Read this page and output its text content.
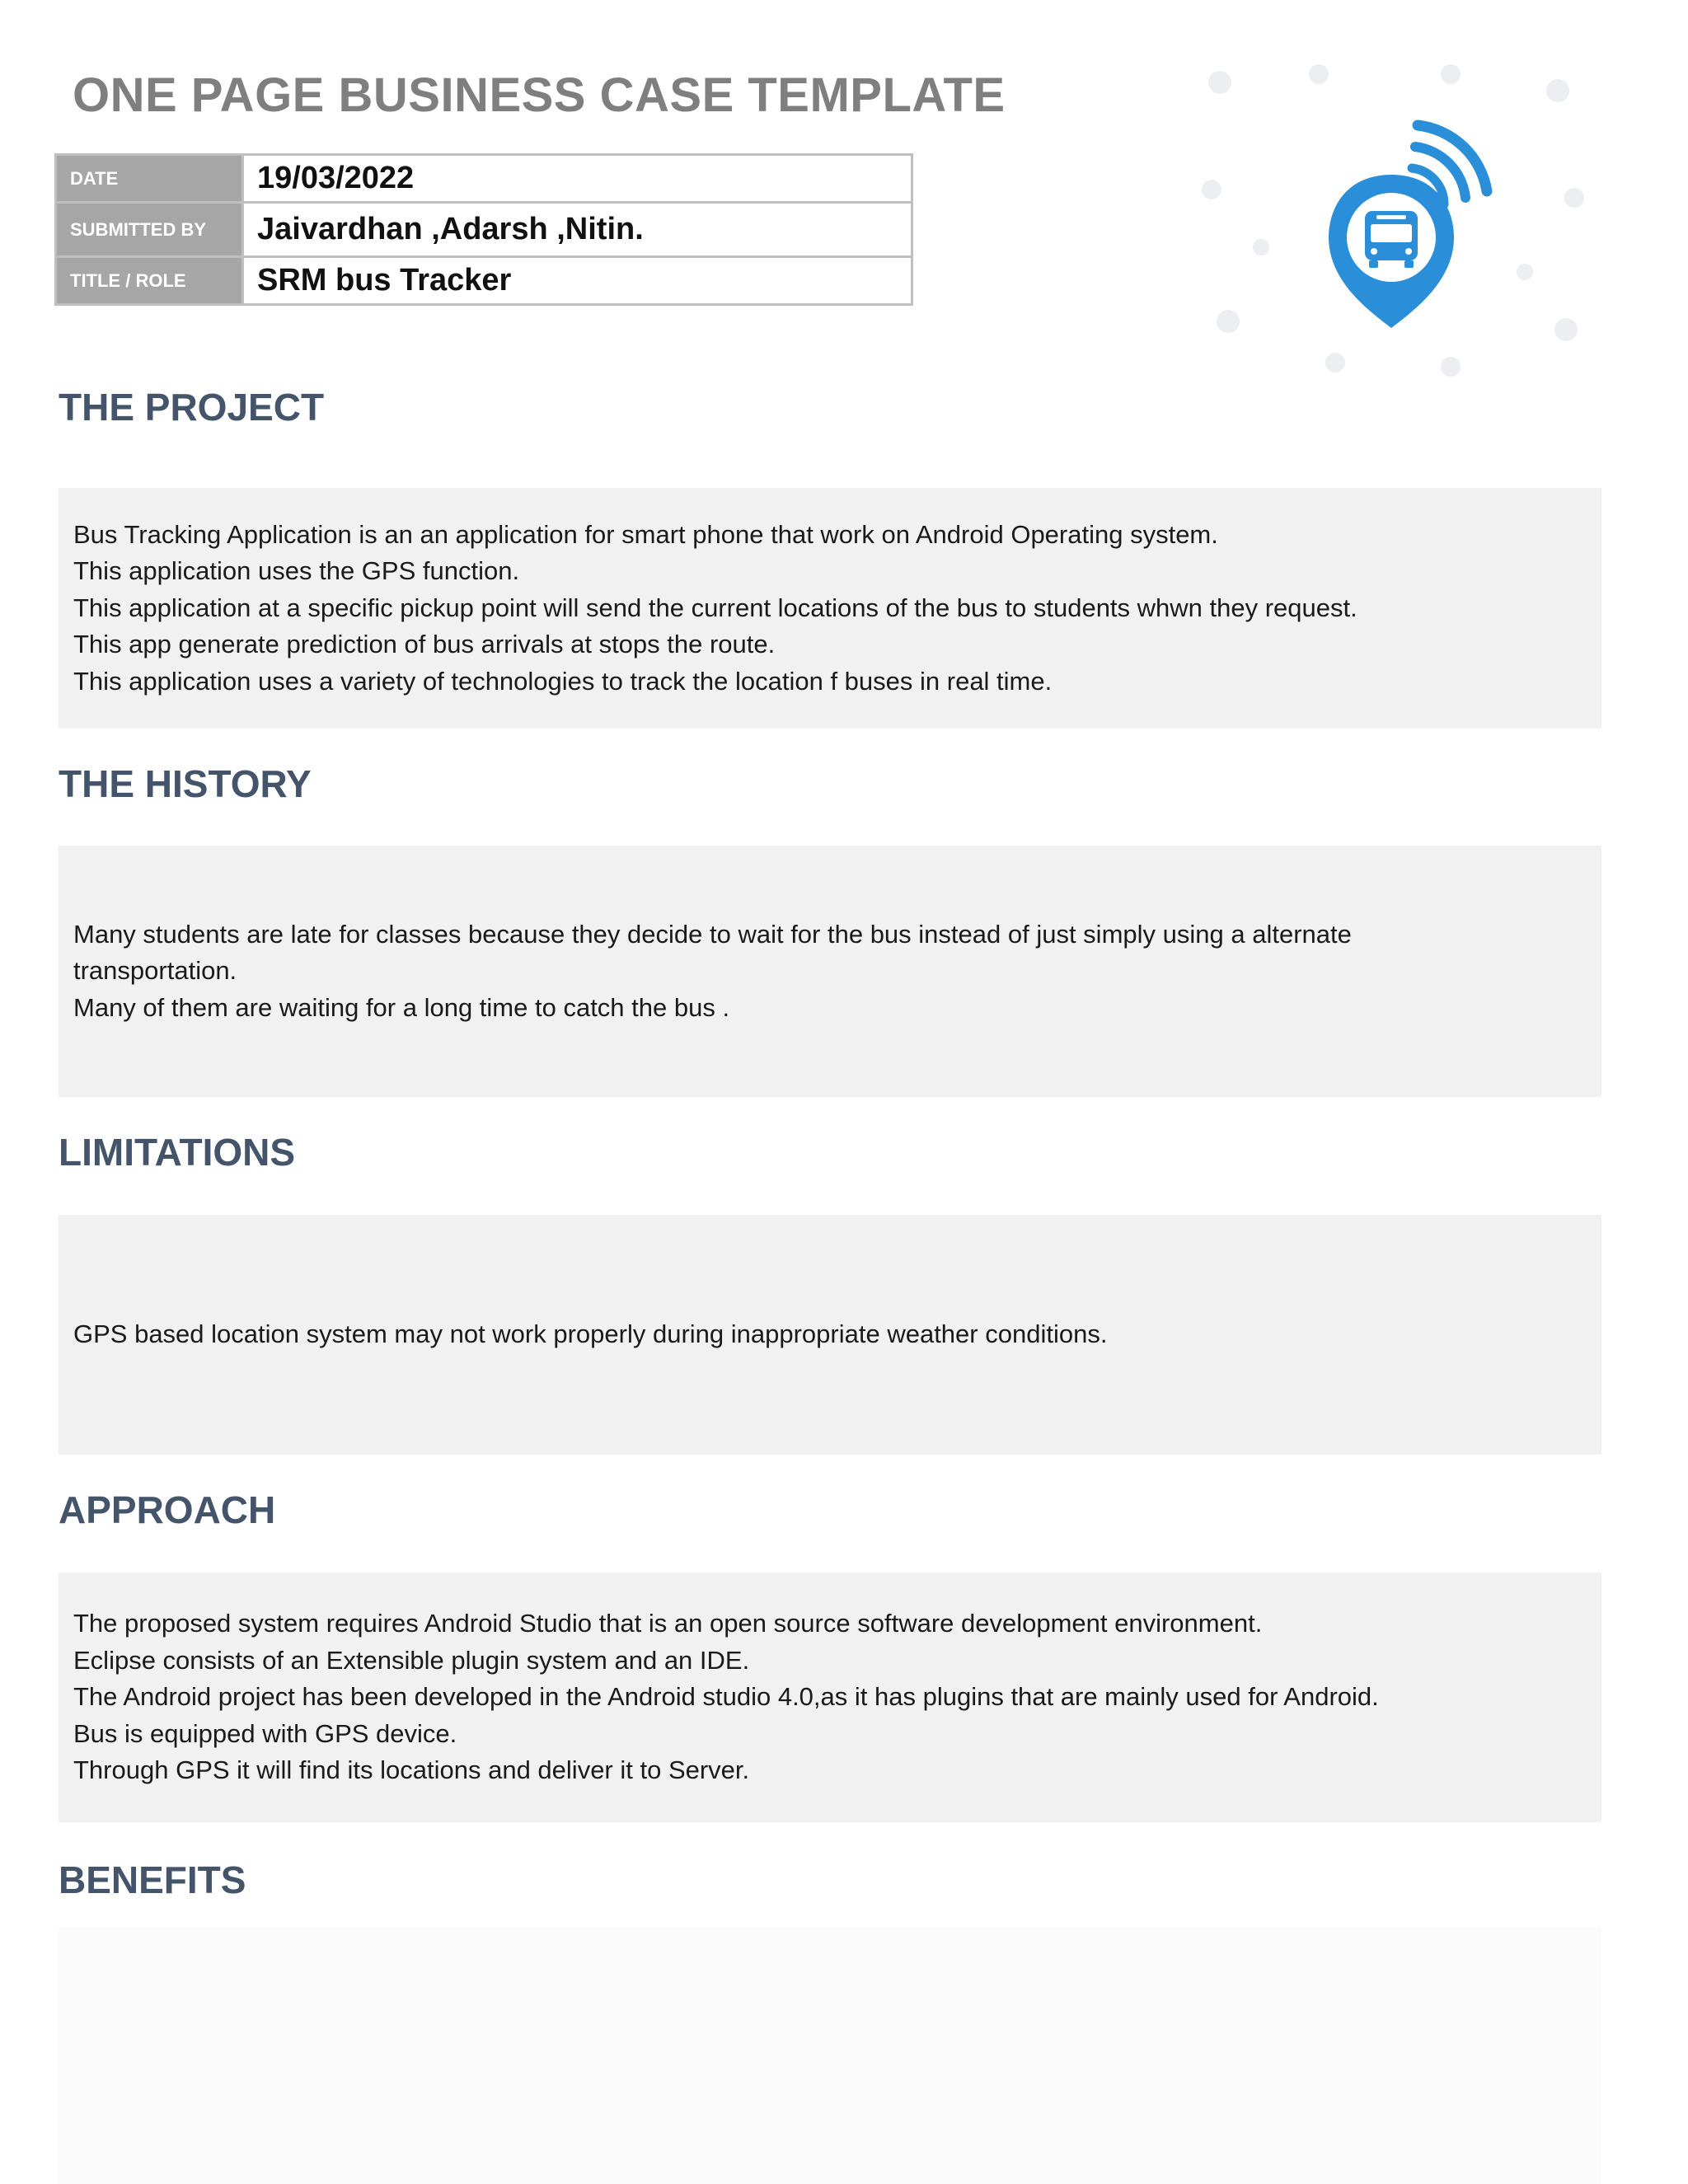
ONE PAGE BUSINESS CASE TEMPLATE
DATE	19/03/2022
SUBMITTED BY	Jaivardhan ,Adarsh ,Nitin.
TITLE / ROLE	SRM bus Tracker
THE PROJECT
Bus Tracking Application is an an application for smart phone that work on Android Operating system.
This application uses the GPS function.
This application at a specific pickup point will send the current locations of the bus to students whwn they request.
This app generate prediction of bus arrivals at stops the route.
This application uses a variety of technologies to track the location f buses in real time.
THE HISTORY
Many students are late for classes because they decide to wait for the bus instead of just simply using a alternate
transportation.
Many of them are waiting for a long time to catch the bus .
LIMITATIONS
GPS based location system may not work properly during inappropriate weather conditions.
APPROACH
The proposed system requires Android Studio that is an open source software development environment.
Eclipse consists of an Extensible plugin system and an IDE.
The Android project has been developed in the Android studio 4.0,as it has plugins that are mainly used for Android.
Bus is equipped with GPS device.
Through GPS it will find its locations and deliver it to Server.
BENEFITS
